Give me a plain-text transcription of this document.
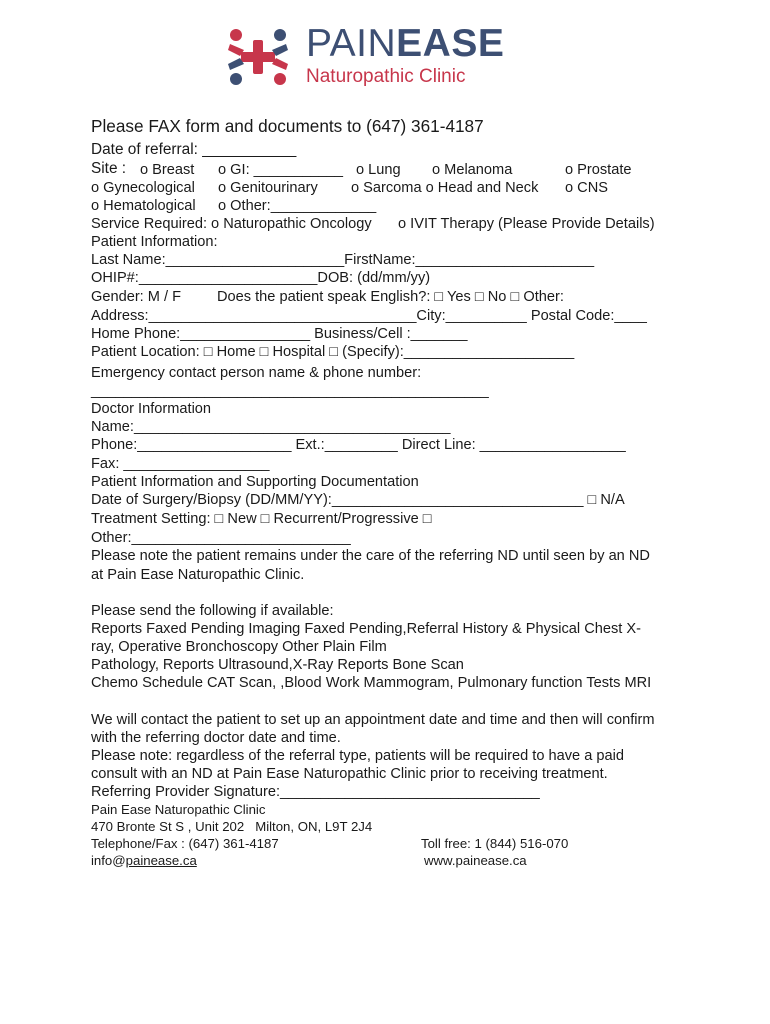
PAINEASE
Naturopathic Clinic
Please FAX form and documents to (647) 361-4187
Date of referral: ___________
Site : o Breast o GI: ___________ o Lung o Melanoma	o Prostate
o Gynecological o Genitourinary o Sarcoma o Head and Neck o CNS
o Hematological o Other:_____________
Service Required: o Naturopathic Oncology o IVIT Therapy (Please Provide Details)
Patient Information:
Last Name:______________________FirstName:______________________
OHIP#:______________________DOB: (dd/mm/yy)
Gender: M / F Does the patient speak English?: □ Yes □ No □ Other:
Address:_________________________________City:__________ Postal Code:____
Home Phone:________________ Business/Cell :_______
Patient Location: □ Home □ Hospital □ (Specify):_____________________
Emergency contact person name & phone number:
_________________________________________________
Doctor Information
Name:_______________________________________
Phone:___________________ Ext.:_________ Direct Line: __________________
Fax: __________________
Patient Information and Supporting Documentation
Date of Surgery/Biopsy (DD/MM/YY):_______________________________ □ N/A
Treatment Setting: □ New □ Recurrent/Progressive □
Other:___________________________
Please note the patient remains under the care of the referring ND until seen by an ND
at Pain Ease Naturopathic Clinic.
Please send the following if available:
Reports Faxed Pending Imaging Faxed Pending,Referral History & Physical Chest X-
ray, Operative Bronchoscopy Other Plain Film
Pathology, Reports Ultrasound,X-Ray Reports Bone Scan
Chemo Schedule CAT Scan, ,Blood Work Mammogram, Pulmonary function Tests MRI
We will contact the patient to set up an appointment date and time and then will confirm
with the referring doctor date and time.
Please note: regardless of the referral type, patients will be required to have a paid
consult with an ND at Pain Ease Naturopathic Clinic prior to receiving treatment.
Referring Provider Signature:________________________________
Pain Ease Naturopathic Clinic
470 Bronte St S , Unit 202   Milton, ON, L9T 2J4
Telephone/Fax : (647) 361-4187
info@painease.ca
Toll free: 1 (844) 516-070
www.painease.ca
